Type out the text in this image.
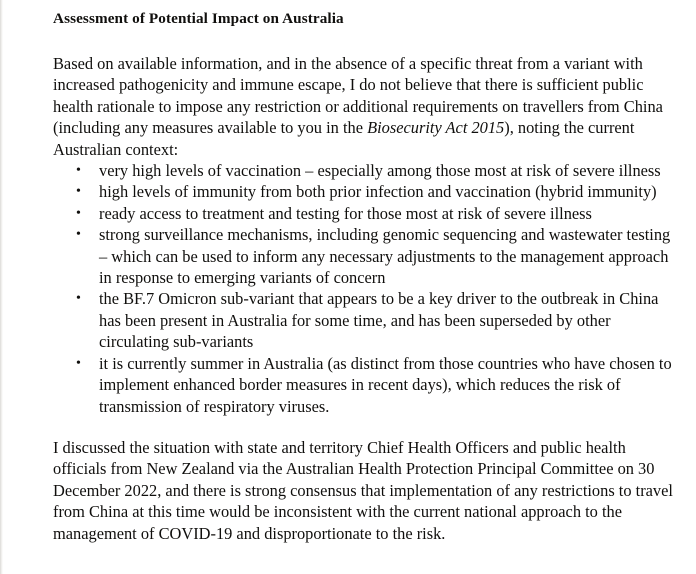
Assessment of Potential Impact on Australia

Based on available information, and in the absence of a specific threat from a variant with increased pathogenicity and immune escape, I do not believe that there is sufficient public health rationale to impose any restriction or additional requirements on travellers from China (including any measures available to you in the Biosecurity Act 2015), noting the current Australian context:

• very high levels of vaccination – especially among those most at risk of severe illness
• high levels of immunity from both prior infection and vaccination (hybrid immunity)
• ready access to treatment and testing for those most at risk of severe illness
• strong surveillance mechanisms, including genomic sequencing and wastewater testing – which can be used to inform any necessary adjustments to the management approach in response to emerging variants of concern
• the BF.7 Omicron sub-variant that appears to be a key driver to the outbreak in China has been present in Australia for some time, and has been superseded by other circulating sub-variants
• it is currently summer in Australia (as distinct from those countries who have chosen to implement enhanced border measures in recent days), which reduces the risk of transmission of respiratory viruses.

I discussed the situation with state and territory Chief Health Officers and public health officials from New Zealand via the Australian Health Protection Principal Committee on 30 December 2022, and there is strong consensus that implementation of any restrictions to travel from China at this time would be inconsistent with the current national approach to the management of COVID-19 and disproportionate to the risk.
